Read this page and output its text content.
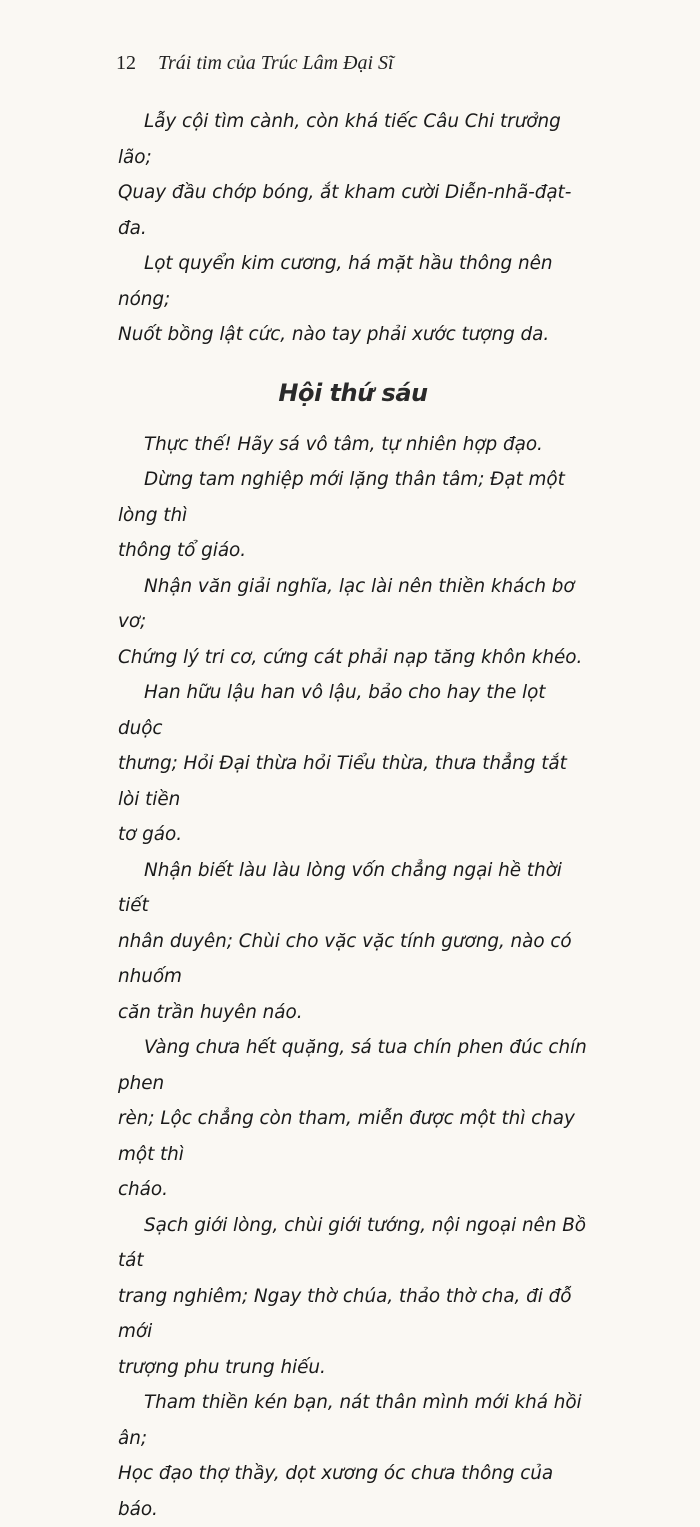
12 Trái tim của Trúc Lâm Đại Sĩ

Lẫy cội tìm cành, còn khá tiếc Câu Chi trưởng lão;

Quay đầu chớp bóng, ắt kham cười Diễn-nhã-đạt-đa.

Lọt quyển kim cương, há mặt hầu thông nên nóng;

Nuốt bồng lật cức, nào tay phải xước tượng da.

Hội thứ sáu

Thực thế! Hãy sá vô tâm, tự nhiên hợp đạo.

Dừng tam nghiệp mới lặng thân tâm; Đạt một lòng thì

thông tổ giáo.

Nhận văn giải nghĩa, lạc lài nên thiền khách bơ vơ;

Chứng lý tri cơ, cứng cát phải nạp tăng khôn khéo.

Han hữu lậu han vô lậu, bảo cho hay the lọt duộc

thưng; Hỏi Đại thừa hỏi Tiểu thừa, thưa thẳng tắt lòi tiền

tơ gáo.

Nhận biết làu làu lòng vốn chẳng ngại hề thời tiết

nhân duyên; Chùi cho vặc vặc tính gương, nào có nhuốm

căn trần huyên náo.

Vàng chưa hết quặng, sá tua chín phen đúc chín phen

rèn; Lộc chẳng còn tham, miễn được một thì chay một thì

cháo.

Sạch giới lòng, chùi giới tướng, nội ngoại nên Bồ tát

trang nghiêm; Ngay thờ chúa, thảo thờ cha, đi đỗ mới

trượng phu trung hiếu.

Tham thiền kén bạn, nát thân mình mới khá hồi ân;

Học đạo thợ thầy, dọt xương óc chưa thông của báo.
